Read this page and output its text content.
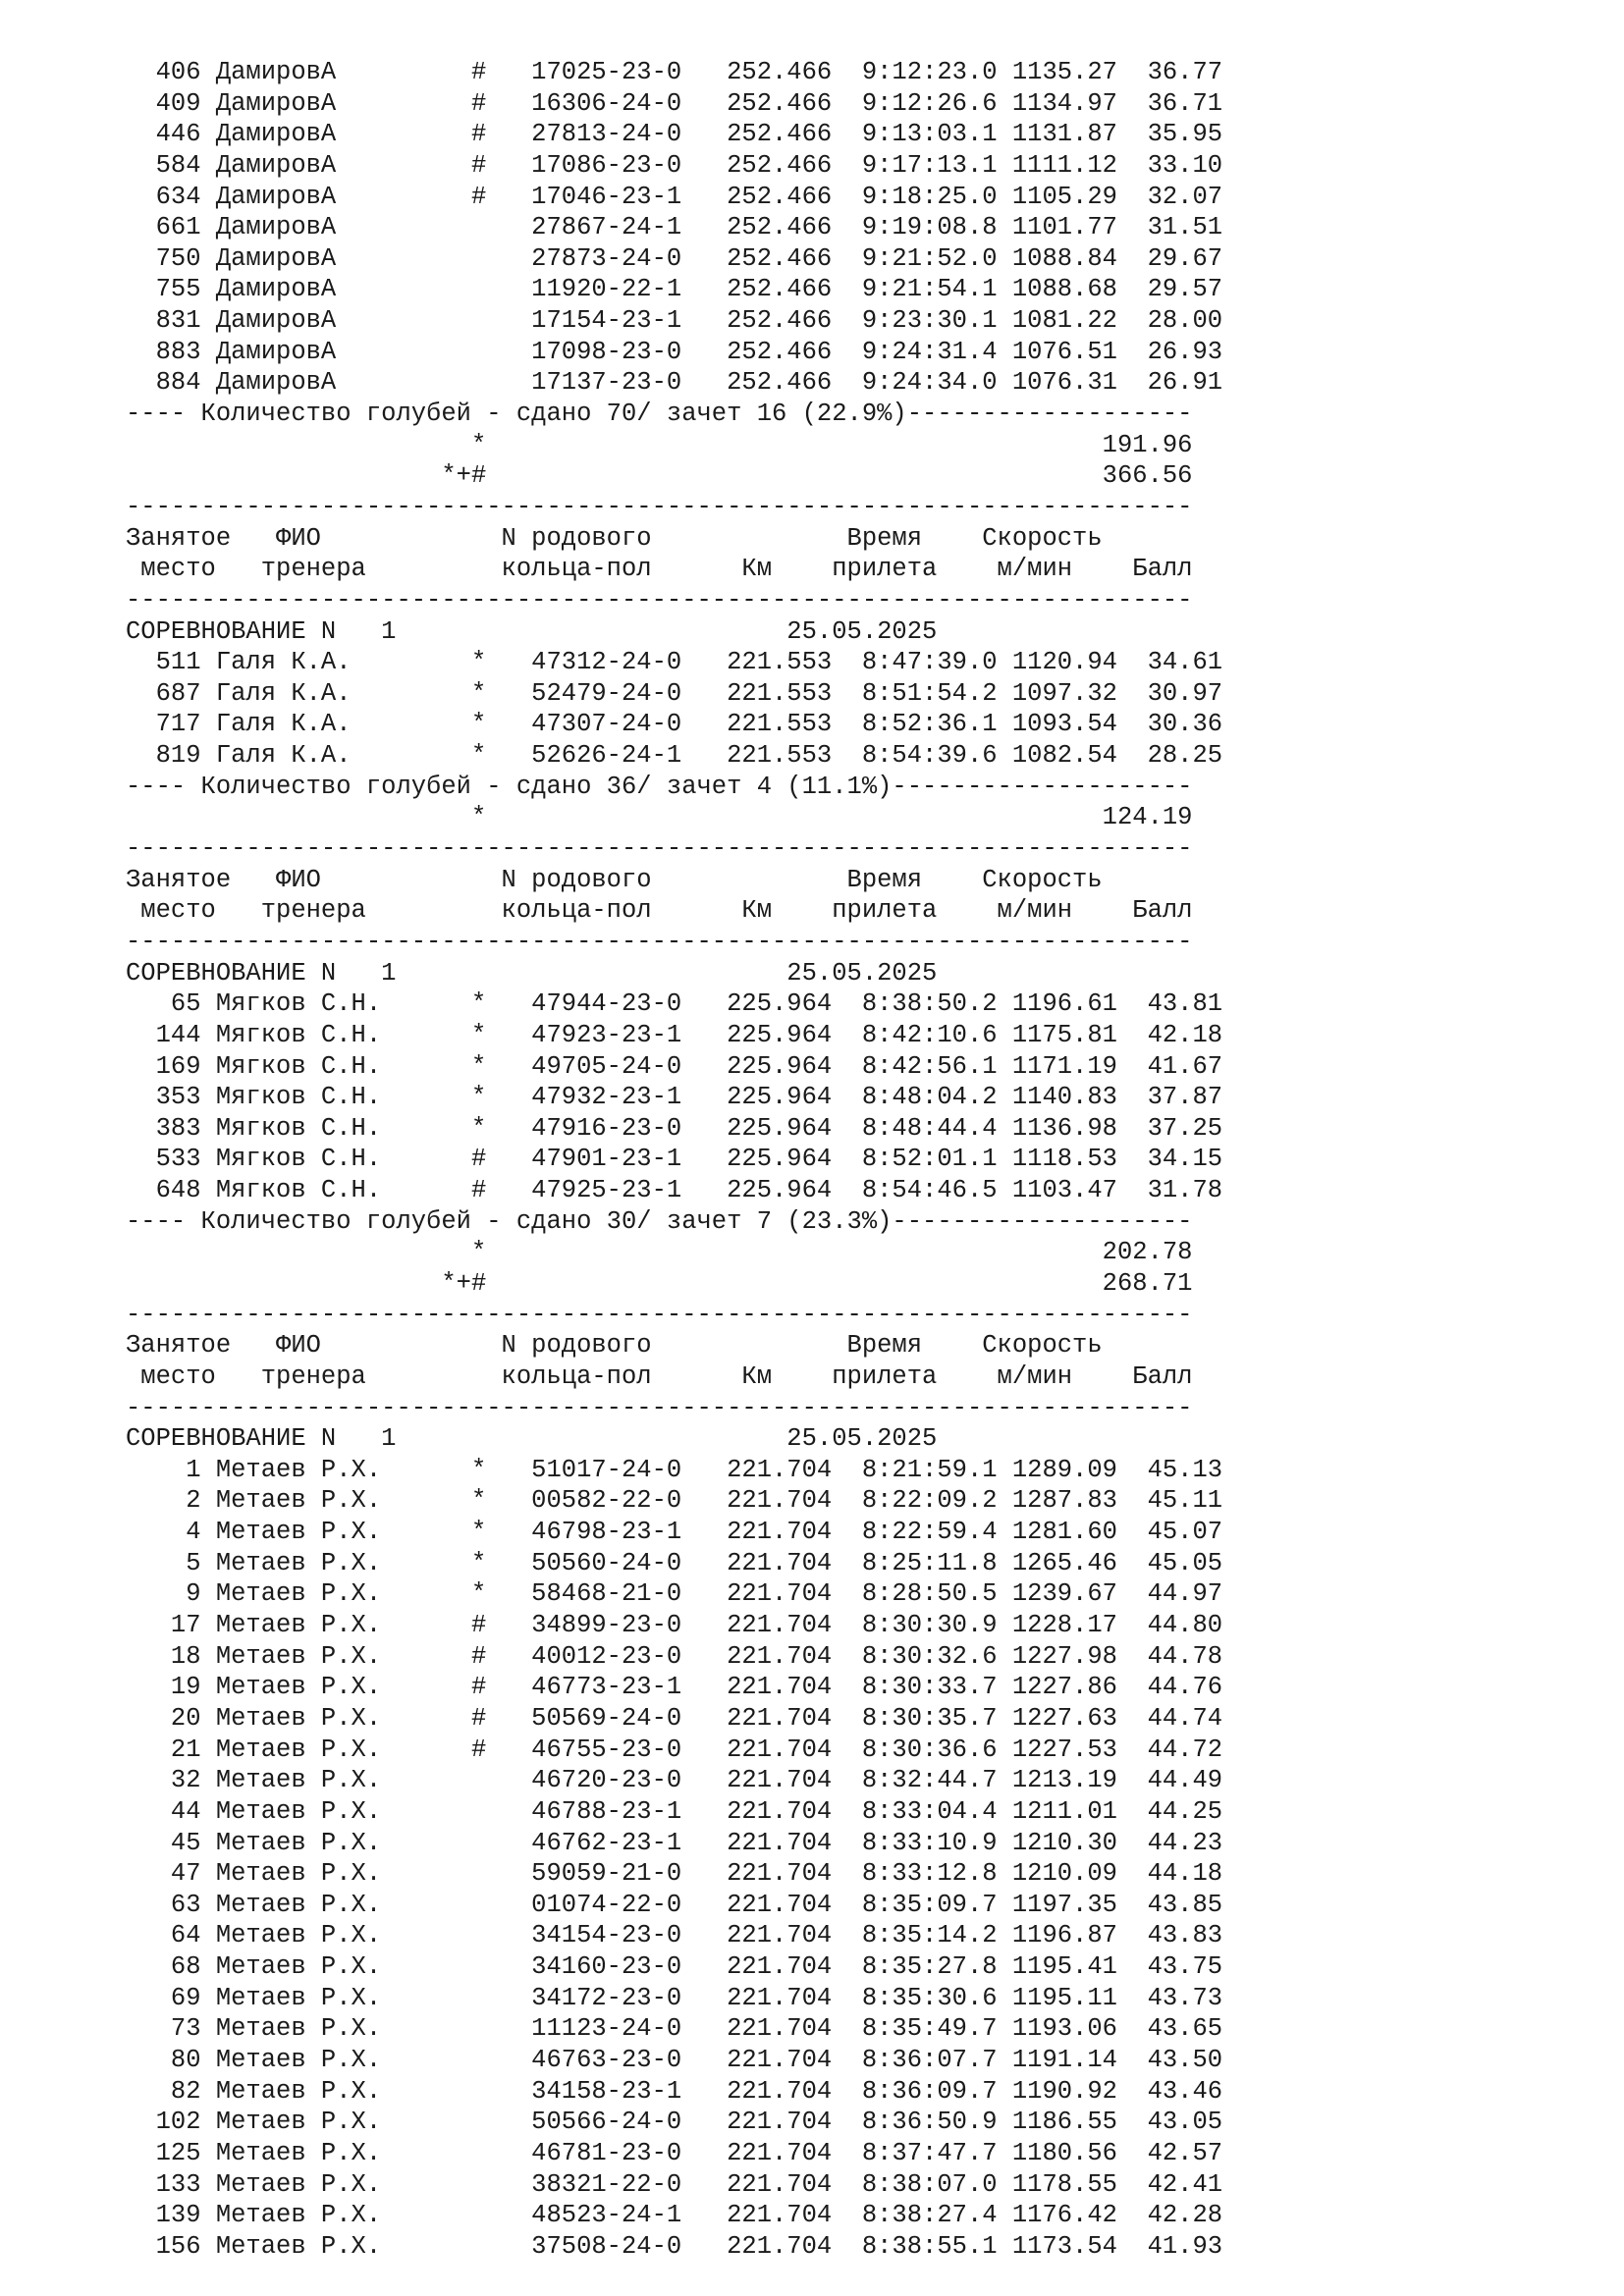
406 ДамировА         #   17025-23-0   252.466  9:12:23.0 1135.27  36.77
409 ДамировА         #   16306-24-0   252.466  9:12:26.6 1134.97  36.71
446 ДамировА         #   27813-24-0   252.466  9:13:03.1 1131.87  35.95
584 ДамировА         #   17086-23-0   252.466  9:17:13.1 1111.12  33.10
634 ДамировА         #   17046-23-1   252.466  9:18:25.0 1105.29  32.07
661 ДамировА             27867-24-1   252.466  9:19:08.8 1101.77  31.51
750 ДамировА             27873-24-0   252.466  9:21:52.0 1088.84  29.67
755 ДамировА             11920-22-1   252.466  9:21:54.1 1088.68  29.57
831 ДамировА             17154-23-1   252.466  9:23:30.1 1081.22  28.00
883 ДамировА             17098-23-0   252.466  9:24:31.4 1076.51  26.93
884 ДамировА             17137-23-0   252.466  9:24:34.0 1076.31  26.91
---- Количество голубей - сдано 70/ зачет 16 (22.9%)-------------------
*                                         191.96
*+#                                         366.56
-----------------------------------------------------------------------
Занятое   ФИО            N родового             Время    Скорость
место   тренера         кольца-пол      Км    прилета    м/мин    Балл
-----------------------------------------------------------------------
СОРЕВНОВАНИЕ N   1                          25.05.2025
511 Галя К.А.        *   47312-24-0   221.553  8:47:39.0 1120.94  34.61
687 Галя К.А.        *   52479-24-0   221.553  8:51:54.2 1097.32  30.97
717 Галя К.А.        *   47307-24-0   221.553  8:52:36.1 1093.54  30.36
819 Галя К.А.        *   52626-24-1   221.553  8:54:39.6 1082.54  28.25
---- Количество голубей - сдано 36/ зачет 4 (11.1%)--------------------
*                                         124.19
-----------------------------------------------------------------------
Занятое   ФИО            N родового             Время    Скорость
место   тренера         кольца-пол      Км    прилета    м/мин    Балл
-----------------------------------------------------------------------
СОРЕВНОВАНИЕ N   1                          25.05.2025
65 Мягков С.Н.      *   47944-23-0   225.964  8:38:50.2 1196.61  43.81
144 Мягков С.Н.      *   47923-23-1   225.964  8:42:10.6 1175.81  42.18
169 Мягков С.Н.      *   49705-24-0   225.964  8:42:56.1 1171.19  41.67
353 Мягков С.Н.      *   47932-23-1   225.964  8:48:04.2 1140.83  37.87
383 Мягков С.Н.      *   47916-23-0   225.964  8:48:44.4 1136.98  37.25
533 Мягков С.Н.      #   47901-23-1   225.964  8:52:01.1 1118.53  34.15
648 Мягков С.Н.      #   47925-23-1   225.964  8:54:46.5 1103.47  31.78
---- Количество голубей - сдано 30/ зачет 7 (23.3%)--------------------
*                                         202.78
*+#                                         268.71
-----------------------------------------------------------------------
Занятое   ФИО            N родового             Время    Скорость
место   тренера         кольца-пол      Км    прилета    м/мин    Балл
-----------------------------------------------------------------------
СОРЕВНОВАНИЕ N   1                          25.05.2025
1 Метаев Р.Х.      *   51017-24-0   221.704  8:21:59.1 1289.09  45.13
2 Метаев Р.Х.      *   00582-22-0   221.704  8:22:09.2 1287.83  45.11
4 Метаев Р.Х.      *   46798-23-1   221.704  8:22:59.4 1281.60  45.07
5 Метаев Р.Х.      *   50560-24-0   221.704  8:25:11.8 1265.46  45.05
9 Метаев Р.Х.      *   58468-21-0   221.704  8:28:50.5 1239.67  44.97
17 Метаев Р.Х.      #   34899-23-0   221.704  8:30:30.9 1228.17  44.80
18 Метаев Р.Х.      #   40012-23-0   221.704  8:30:32.6 1227.98  44.78
19 Метаев Р.Х.      #   46773-23-1   221.704  8:30:33.7 1227.86  44.76
20 Метаев Р.Х.      #   50569-24-0   221.704  8:30:35.7 1227.63  44.74
21 Метаев Р.Х.      #   46755-23-0   221.704  8:30:36.6 1227.53  44.72
32 Метаев Р.Х.          46720-23-0   221.704  8:32:44.7 1213.19  44.49
44 Метаев Р.Х.          46788-23-1   221.704  8:33:04.4 1211.01  44.25
45 Метаев Р.Х.          46762-23-1   221.704  8:33:10.9 1210.30  44.23
47 Метаев Р.Х.          59059-21-0   221.704  8:33:12.8 1210.09  44.18
63 Метаев Р.Х.          01074-22-0   221.704  8:35:09.7 1197.35  43.85
64 Метаев Р.Х.          34154-23-0   221.704  8:35:14.2 1196.87  43.83
68 Метаев Р.Х.          34160-23-0   221.704  8:35:27.8 1195.41  43.75
69 Метаев Р.Х.          34172-23-0   221.704  8:35:30.6 1195.11  43.73
73 Метаев Р.Х.          11123-24-0   221.704  8:35:49.7 1193.06  43.65
80 Метаев Р.Х.          46763-23-0   221.704  8:36:07.7 1191.14  43.50
82 Метаев Р.Х.          34158-23-1   221.704  8:36:09.7 1190.92  43.46
102 Метаев Р.Х.          50566-24-0   221.704  8:36:50.9 1186.55  43.05
125 Метаев Р.Х.          46781-23-0   221.704  8:37:47.7 1180.56  42.57
133 Метаев Р.Х.          38321-22-0   221.704  8:38:07.0 1178.55  42.41
139 Метаев Р.Х.          48523-24-1   221.704  8:38:27.4 1176.42  42.28
156 Метаев Р.Х.          37508-24-0   221.704  8:38:55.1 1173.54  41.93
